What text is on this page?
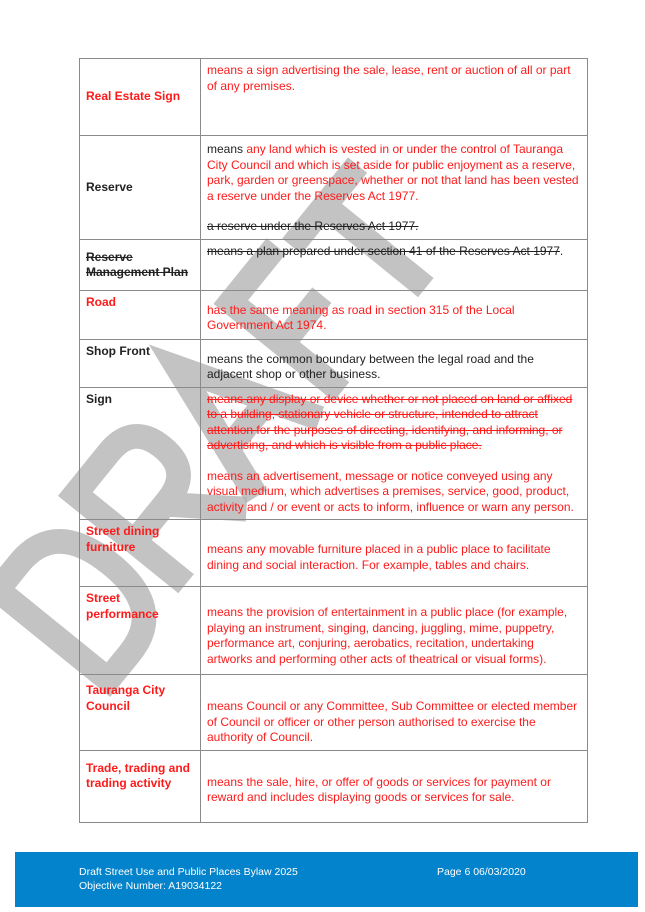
Real Estate Sign	means a sign advertising the sale, lease, rent or auction of all or part of any premises.
Reserve	means any land which is vested in or under the control of Tauranga City Council and which is set aside for public enjoyment as a reserve, park, garden or greenspace, whether or not that land has been vested a reserve under the Reserves Act 1977.
a reserve under the Reserves Act 1977.

Reserve Management Plan	means a plan prepared under section 41 of the Reserves Act 1977.
Road	has the same meaning as road in section 315 of the Local Government Act 1974.
Shop Front	means the common boundary between the legal road and the adjacent shop or other business.
Sign	means any display or device whether or not placed on land or affixed to a building, stationary vehicle or structure, intended to attract attention for the purposes of directing, identifying, and informing, or advertising, and which is visible from a public place.
means an advertisement, message or notice conveyed using any visual medium, which advertises a premises, service, good, product, activity and / or event or acts to inform, influence or warn any person.

Street dining furniture	means any movable furniture placed in a public place to facilitate dining and social interaction. For example, tables and chairs.
Street performance	means the provision of entertainment in a public place (for example, playing an instrument, singing, dancing, juggling, mime, puppetry, performance art, conjuring, aerobatics, recitation, undertaking artworks and performing other acts of theatrical or visual forms).
Tauranga City Council	means Council or any Committee, Sub Committee or elected member of Council or officer or other person authorised to exercise the authority of Council.
Trade, trading and trading activity	means the sale, hire, or offer of goods or services for payment or reward and includes displaying goods or services for sale.
Draft Street Use and Public Places Bylaw 2025
Objective Number: A19034122
Page 6 06/03/2020
